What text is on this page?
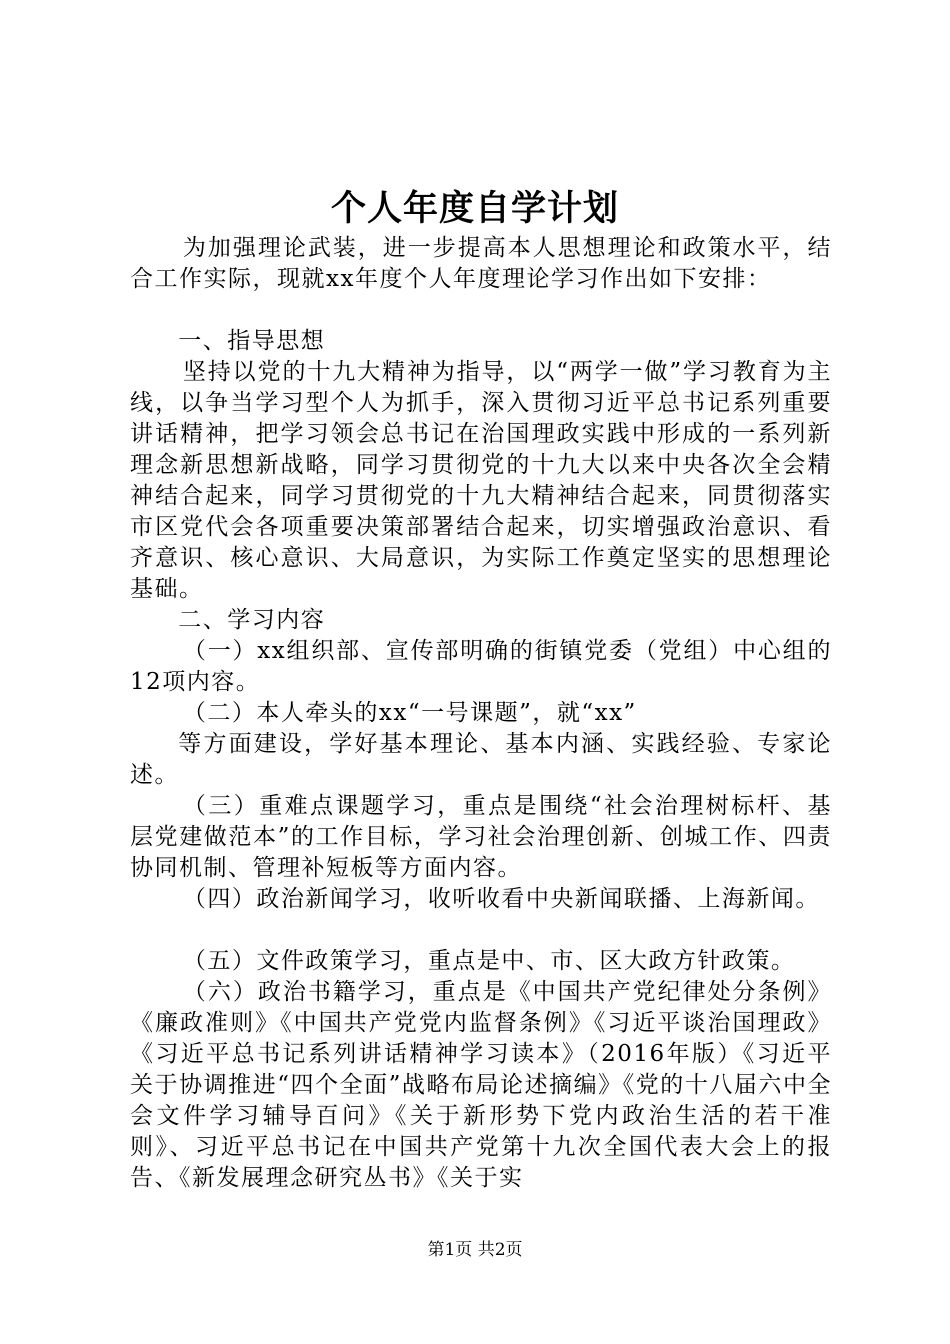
个人年度自学计划

为加强理论武装，进一步提高本人思想理论和政策水平，结合工作实际，现就xx年度个人年度理论学习作出如下安排：

一、指导思想

坚持以党的十九大精神为指导，以“两学一做”学习教育为主线，以争当学习型个人为抓手，深入贯彻习近平总书记系列重要讲话精神，把学习领会总书记在治国理政实践中形成的一系列新理念新思想新战略，同学习贯彻党的十九大以来中央各次全会精神结合起来，同学习贯彻党的十九大精神结合起来，同贯彻落实市区党代会各项重要决策部署结合起来，切实增强政治意识、看齐意识、核心意识、大局意识，为实际工作奠定坚实的思想理论基础。

二、学习内容

（一）xx组织部、宣传部明确的街镇党委（党组）中心组的12项内容。

（二）本人牵头的xx“一号课题”，就“xx”

等方面建设，学好基本理论、基本内涵、实践经验、专家论述。

（三）重难点课题学习，重点是围绕“社会治理树标杆、基层党建做范本”的工作目标，学习社会治理创新、创城工作、四责协同机制、管理补短板等方面内容。

（四）政治新闻学习，收听收看中央新闻联播、上海新闻。

（五）文件政策学习，重点是中、市、区大政方针政策。

（六）政治书籍学习，重点是《中国共产党纪律处分条例》《廉政准则》《中国共产党党内监督条例》《习近平谈治国理政》《习近平总书记系列讲话精神学习读本》（2016年版）《习近平关于协调推进“四个全面”战略布局论述摘编》《党的十八届六中全会文件学习辅导百问》《关于新形势下党内政治生活的若干准则》、习近平总书记在中国共产党第十九次全国代表大会上的报告、《新发展理念研究丛书》《关于实

第1页 共2页
